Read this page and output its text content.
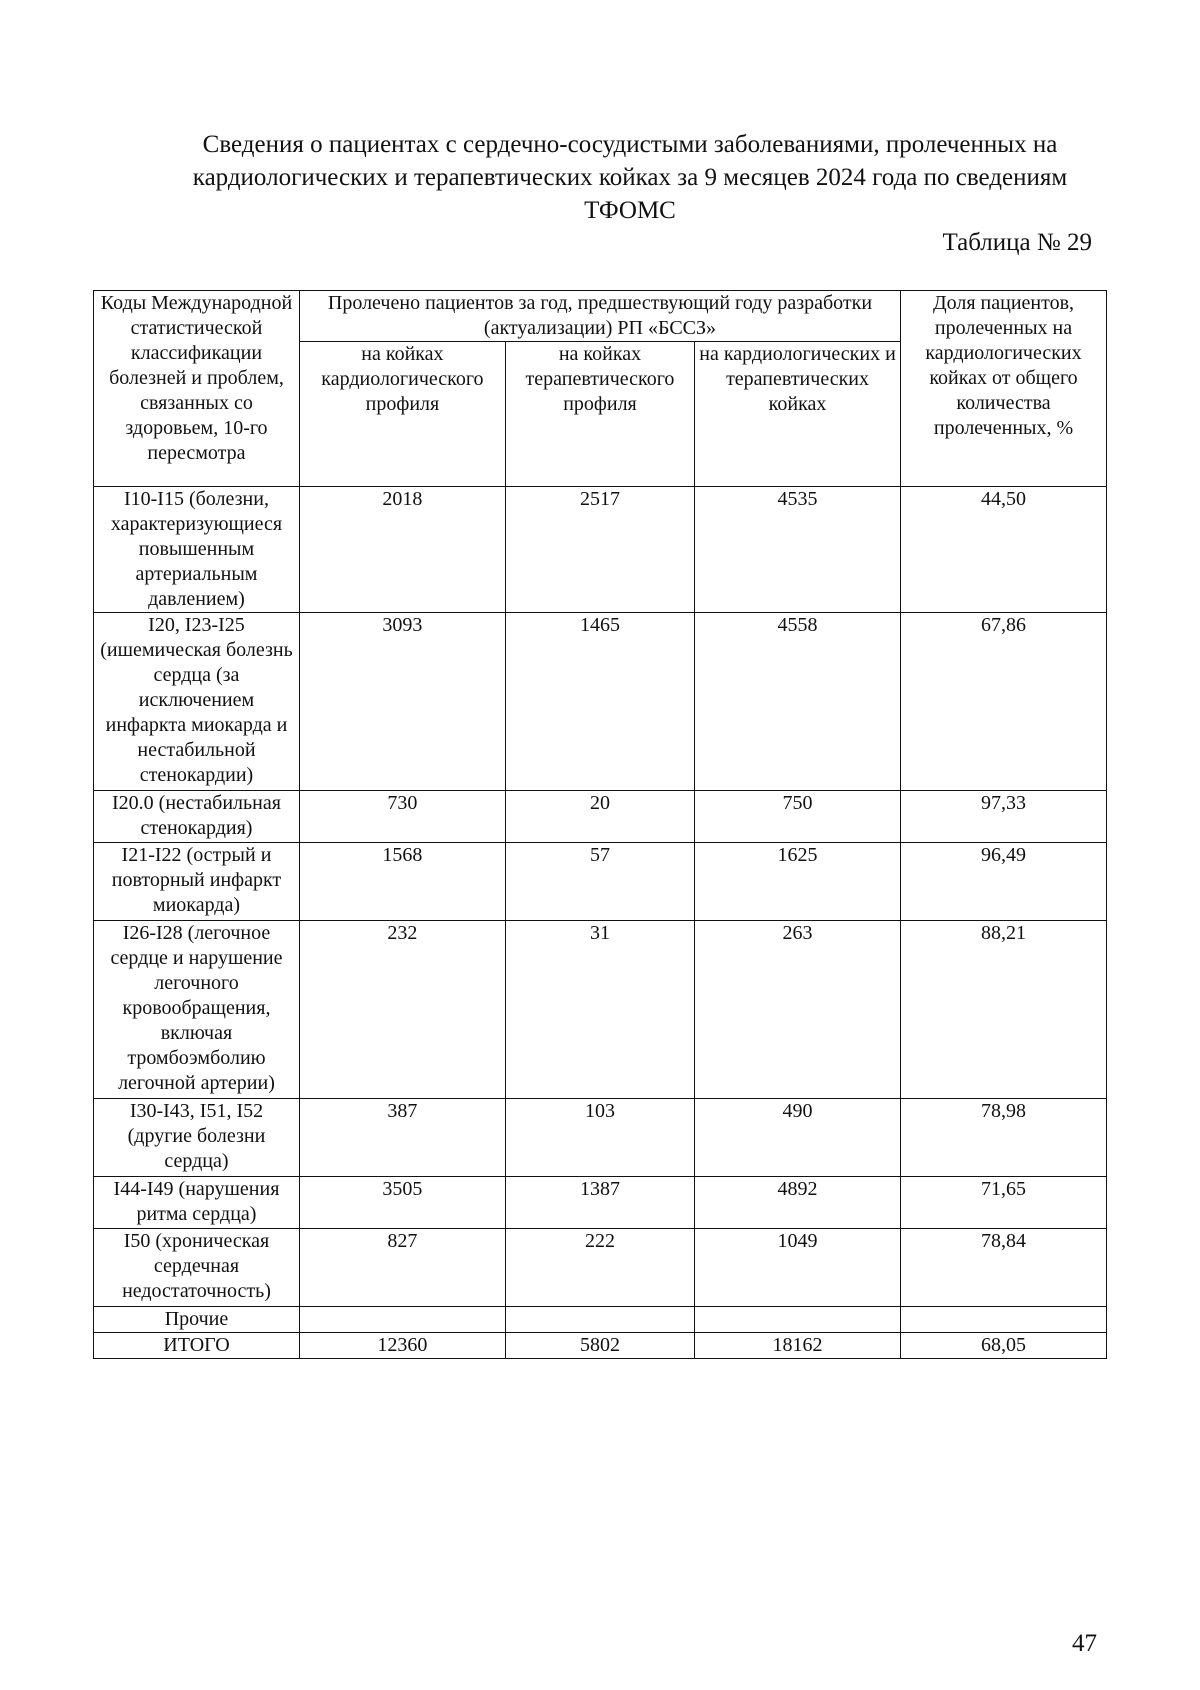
Сведения о пациентах с сердечно-сосудистыми заболеваниями, пролеченных на кардиологических и терапевтических койках за 9 месяцев 2024 года по сведениям ТФОМС
Таблица № 29
Коды Международной статистической классификации болезней и проблем, связанных со здоровьем, 10-го пересмотра	Пролечено пациентов за год, предшествующий году разработки (актуализации) РП «БССЗ»			Доля пациентов, пролеченных на кардиологических койках от общего количества пролеченных, %
	на койках кардиологического профиля	на койках терапевтического профиля	на кардиологических и терапевтических койках	
I10-I15 (болезни, характеризующиеся повышенным артериальным давлением)	2018	2517	4535	44,50
I20, I23-I25 (ишемическая болезнь сердца (за исключением инфаркта миокарда и нестабильной стенокардии)	3093	1465	4558	67,86
I20.0 (нестабильная стенокардия)	730	20	750	97,33
I21-I22 (острый и повторный инфаркт миокарда)	1568	57	1625	96,49
I26-I28 (легочное сердце и нарушение легочного кровообращения, включая тромбоэмболию легочной артерии)	232	31	263	88,21
I30-I43, I51, I52 (другие болезни сердца)	387	103	490	78,98
I44-I49 (нарушения ритма сердца)	3505	1387	4892	71,65
I50 (хроническая сердечная недостаточность)	827	222	1049	78,84
Прочие				
ИТОГО	12360	5802	18162	68,05
47
